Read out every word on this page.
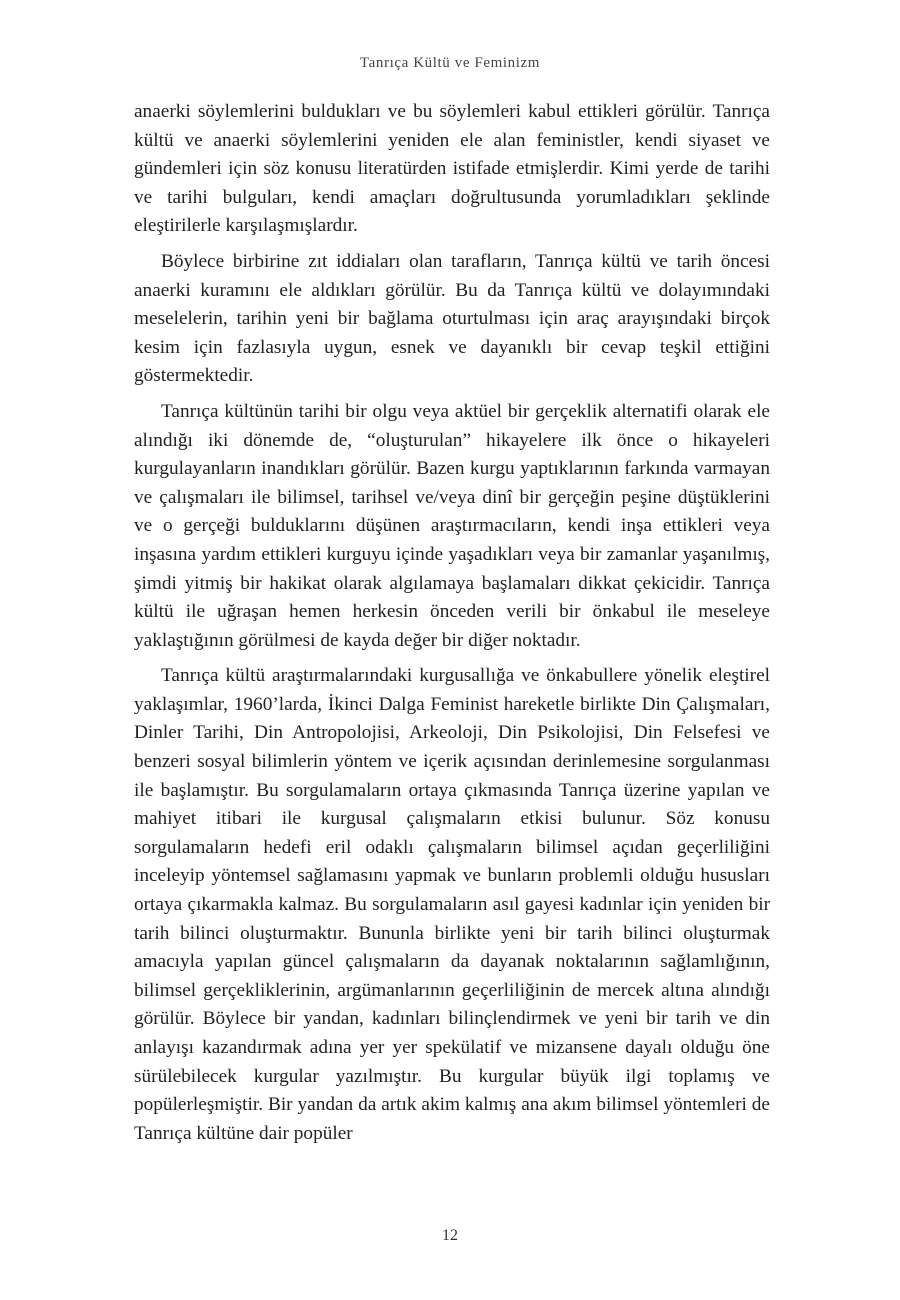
Tanrıça Kültü ve Feminizm

anaerki söylemlerini buldukları ve bu söylemleri kabul ettikleri görülür. Tanrıça kültü ve anaerki söylemlerini yeniden ele alan feministler, kendi siyaset ve gündemleri için söz konusu literatürden istifade etmişlerdir. Kimi yerde de tarihi ve tarihi bulguları, kendi amaçları doğrultusunda yorumladıkları şeklinde eleştirilerle karşılaşmışlardır.

Böylece birbirine zıt iddiaları olan tarafların, Tanrıça kültü ve tarih öncesi anaerki kuramını ele aldıkları görülür. Bu da Tanrıça kültü ve dolayımındaki meselelerin, tarihin yeni bir bağlama oturtulması için araç arayışındaki birçok kesim için fazlasıyla uygun, esnek ve dayanıklı bir cevap teşkil ettiğini göstermektedir.

Tanrıça kültünün tarihi bir olgu veya aktüel bir gerçeklik alternatifi olarak ele alındığı iki dönemde de, “oluşturulan” hikayelere ilk önce o hikayeleri kurgulayanların inandıkları görülür. Bazen kurgu yaptıklarının farkında varmayan ve çalışmaları ile bilimsel, tarihsel ve/veya dinî bir gerçeğin peşine düştüklerini ve o gerçeği bulduklarını düşünen araştırmacıların, kendi inşa ettikleri veya inşasına yardım ettikleri kurguyu içinde yaşadıkları veya bir zamanlar yaşanılmış, şimdi yitmiş bir hakikat olarak algılamaya başlamaları dikkat çekicidir. Tanrıça kültü ile uğraşan hemen herkesin önceden verili bir önkabul ile meseleye yaklaştığının görülmesi de kayda değer bir diğer noktadır.

Tanrıça kültü araştırmalarındaki kurgusallığa ve önkabullere yönelik eleştirel yaklaşımlar, 1960’larda, İkinci Dalga Feminist hareketle birlikte Din Çalışmaları, Dinler Tarihi, Din Antropolojisi, Arkeoloji, Din Psikolojisi, Din Felsefesi ve benzeri sosyal bilimlerin yöntem ve içerik açısından derinlemesine sorgulanması ile başlamıştır. Bu sorgulamaların ortaya çıkmasında Tanrıça üzerine yapılan ve mahiyet itibari ile kurgusal çalışmaların etkisi bulunur. Söz konusu sorgulamaların hedefi eril odaklı çalışmaların bilimsel açıdan geçerliliğini inceleyip yöntemsel sağlamasını yapmak ve bunların problemli olduğu hususları ortaya çıkarmakla kalmaz. Bu sorgulamaların asıl gayesi kadınlar için yeniden bir tarih bilinci oluşturmaktır. Bununla birlikte yeni bir tarih bilinci oluşturmak amacıyla yapılan güncel çalışmaların da dayanak noktalarının sağlamlığının, bilimsel gerçekliklerinin, argümanlarının geçerliliğinin de mercek altına alındığı görülür. Böylece bir yandan, kadınları bilinçlendirmek ve yeni bir tarih ve din anlayışı kazandırmak adına yer yer spekülatif ve mizansene dayalı olduğu öne sürülebilecek kurgular yazılmıştır. Bu kurgular büyük ilgi toplamış ve popülerleşmiştir. Bir yandan da artık akim kalmış ana akım bilimsel yöntemleri de Tanrıça kültüne dair popüler

12
